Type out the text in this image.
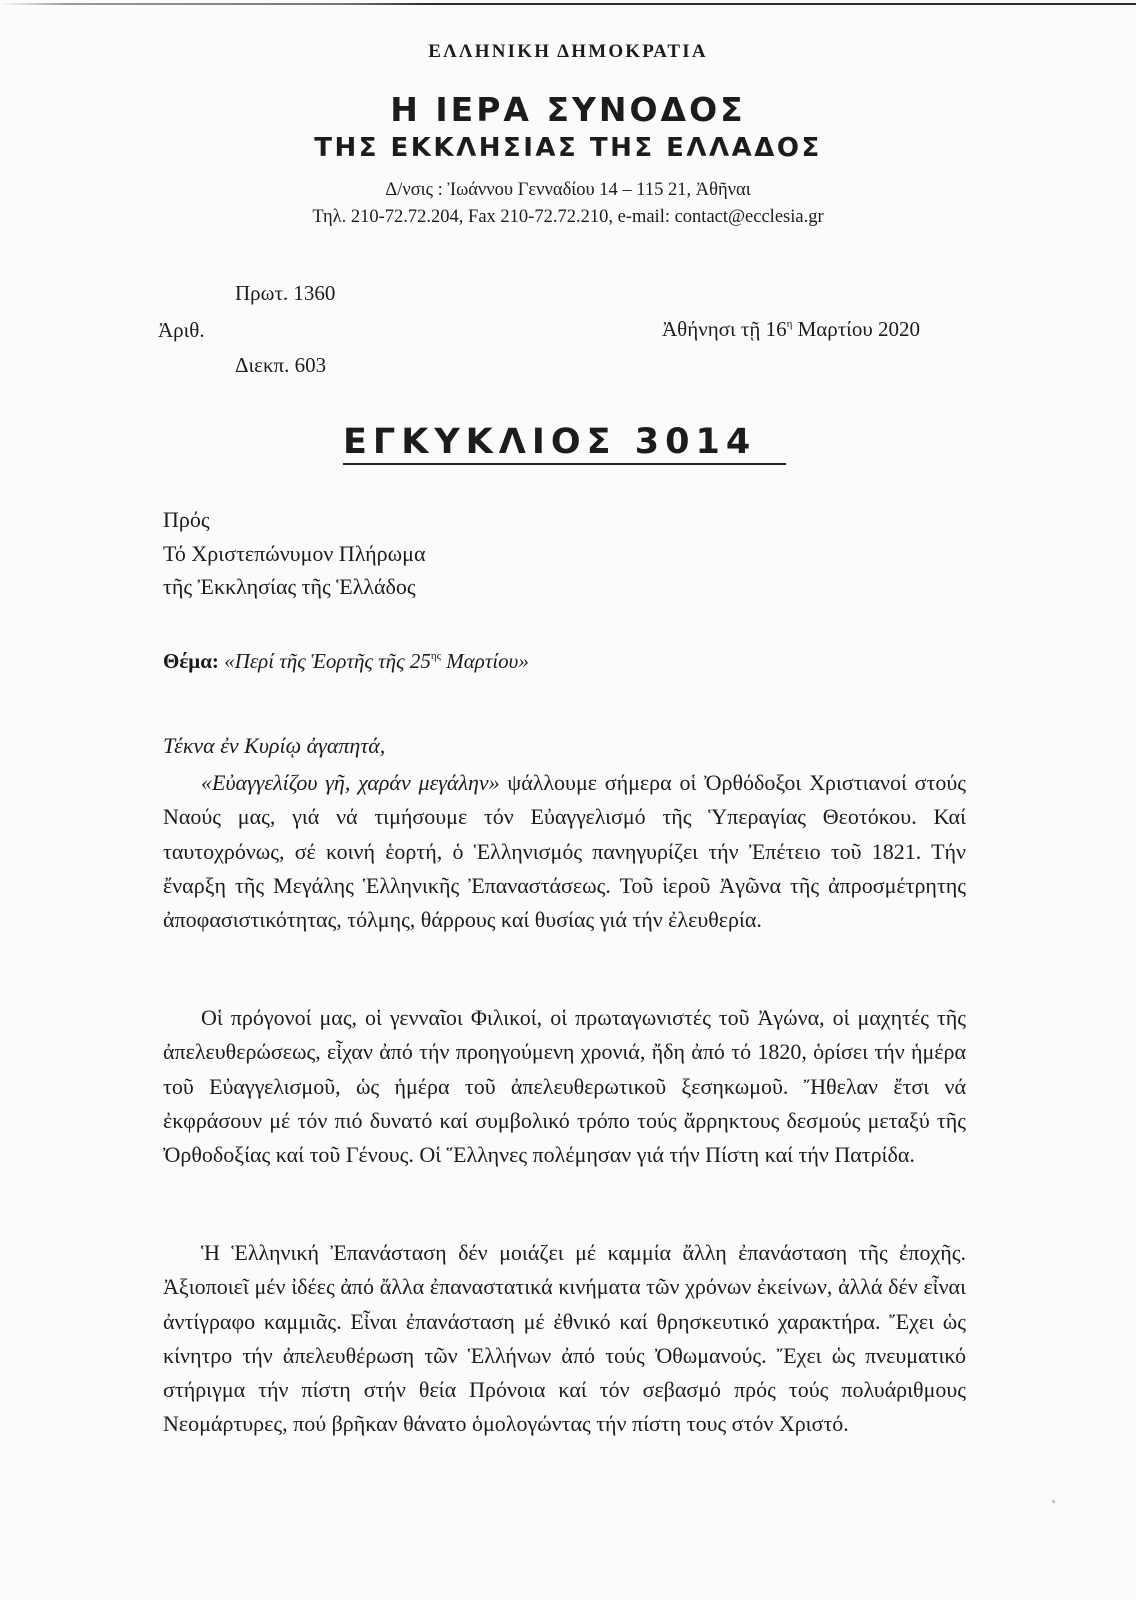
ΕΛΛΗΝΙΚΗ ΔΗΜΟΚΡΑΤΙΑ
Η ΙΕΡΑ ΣΥΝΟΔΟΣ
ΤΗΣ ΕΚΚΛΗΣΙΑΣ ΤΗΣ ΕΛΛΑΔΟΣ
Δ/νσις : Ἰωάννου Γενναδίου 14 – 115 21, Ἀθῆναι
Τηλ. 210-72.72.204, Fax 210-72.72.210, e-mail: contact@ecclesia.gr
Πρωτ. 1360
Ἀριθ.
Διεκπ. 603
Ἀθήνησι τῇ $16^\eta$ Μαρτίου 2020
ΕΓΚΥΚΛΙΟΣ 3014
Πρός
Τό Χριστεπώνυμον Πλήρωμα
τῆς Ἐκκλησίας τῆς Ἑλλάδος
Θέμα: «Περί τῆς Ἑορτῆς τῆς $25^{\eta\varsigma}$ Μαρτίου»
Τέκνα ἐν Κυρίῳ ἀγαπητά,
«Εὐαγγελίζου γῆ, χαράν μεγάλην» ψάλλουμε σήμερα οἱ Ὀρθόδοξοι Χριστιανοί στούς Ναούς μας, γιά νά τιμήσουμε τόν Εὐαγγελισμό τῆς Ὑπεραγίας Θεοτόκου. Καί ταυτοχρόνως, σέ κοινή ἑορτή, ὁ Ἑλληνισμός πανηγυρίζει τήν Ἐπέτειο τοῦ 1821. Τήν ἔναρξη τῆς Μεγάλης Ἑλληνικῆς Ἐπαναστάσεως. Τοῦ ἱεροῦ Ἀγῶνα τῆς ἀπροσμέτρητης ἀποφασιστικότητας, τόλμης, θάρρους καί θυσίας γιά τήν ἐλευθερία.
Οἱ πρόγονοί μας, οἱ γενναῖοι Φιλικοί, οἱ πρωταγωνιστές τοῦ Ἀγώνα, οἱ μαχητές τῆς ἀπελευθερώσεως, εἶχαν ἀπό τήν προηγούμενη χρονιά, ἤδη ἀπό τό 1820, ὁρίσει τήν ἡμέρα τοῦ Εὐαγγελισμοῦ, ὡς ἡμέρα τοῦ ἀπελευθερωτικοῦ ξεσηκωμοῦ. Ἤθελαν ἔτσι νά ἐκφράσουν μέ τόν πιό δυνατό καί συμβολικό τρόπο τούς ἄρρηκτους δεσμούς μεταξύ τῆς Ὀρθοδοξίας καί τοῦ Γένους. Οἱ Ἕλληνες πολέμησαν γιά τήν Πίστη καί τήν Πατρίδα.
Ἡ Ἑλληνική Ἐπανάσταση δέν μοιάζει μέ καμμία ἄλλη ἐπανάσταση τῆς ἐποχῆς. Ἀξιοποιεῖ μέν ἰδέες ἀπό ἄλλα ἐπαναστατικά κινήματα τῶν χρόνων ἐκείνων, ἀλλά δέν εἶναι ἀντίγραφο καμμιᾶς. Εἶναι ἐπανάσταση μέ ἐθνικό καί θρησκευτικό χαρακτήρα. Ἔχει ὡς κίνητρο τήν ἀπελευθέρωση τῶν Ἑλλήνων ἀπό τούς Ὀθωμανούς. Ἔχει ὡς πνευματικό στήριγμα τήν πίστη στήν θεία Πρόνοια καί τόν σεβασμό πρός τούς πολυάριθμους Νεομάρτυρες, πού βρῆκαν θάνατο ὁμολογώντας τήν πίστη τους στόν Χριστό.
